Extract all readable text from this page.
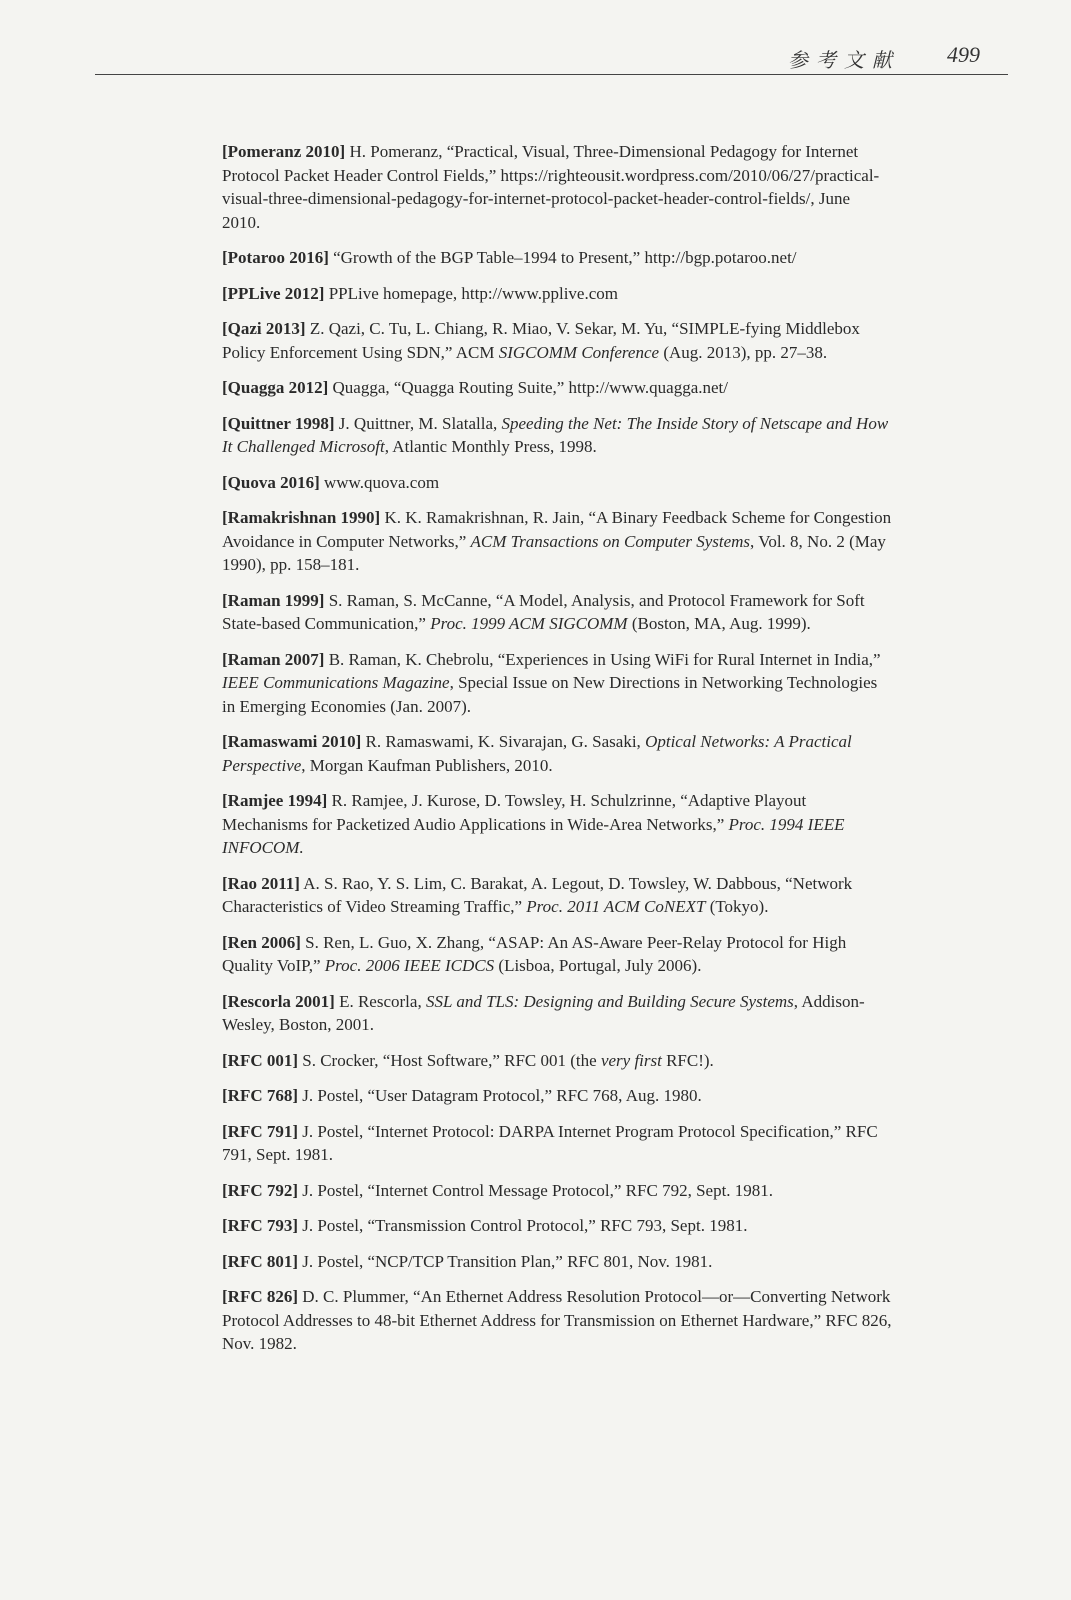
参考文献 499

[Pomeranz 2010] H. Pomeranz, “Practical, Visual, Three-Dimensional Pedagogy for Internet Protocol Packet Header Control Fields,” https://righteousit.wordpress.com/2010/06/27/practical-visual-three-dimensional-pedagogy-for-internet-protocol-packet-header-control-fields/, June 2010.

[Potaroo 2016] “Growth of the BGP Table–1994 to Present,” http://bgp.potaroo.net/

[PPLive 2012] PPLive homepage, http://www.pplive.com

[Qazi 2013] Z. Qazi, C. Tu, L. Chiang, R. Miao, V. Sekar, M. Yu, “SIMPLE-fying Middlebox Policy Enforcement Using SDN,” ACM SIGCOMM Conference (Aug. 2013), pp. 27–38.

[Quagga 2012] Quagga, “Quagga Routing Suite,” http://www.quagga.net/

[Quittner 1998] J. Quittner, M. Slatalla, Speeding the Net: The Inside Story of Netscape and How It Challenged Microsoft, Atlantic Monthly Press, 1998.

[Quova 2016] www.quova.com

[Ramakrishnan 1990] K. K. Ramakrishnan, R. Jain, “A Binary Feedback Scheme for Congestion Avoidance in Computer Networks,” ACM Transactions on Computer Systems, Vol. 8, No. 2 (May 1990), pp. 158–181.

[Raman 1999] S. Raman, S. McCanne, “A Model, Analysis, and Protocol Framework for Soft State-based Communication,” Proc. 1999 ACM SIGCOMM (Boston, MA, Aug. 1999).

[Raman 2007] B. Raman, K. Chebrolu, “Experiences in Using WiFi for Rural Internet in India,” IEEE Communications Magazine, Special Issue on New Directions in Networking Technologies in Emerging Economies (Jan. 2007).

[Ramaswami 2010] R. Ramaswami, K. Sivarajan, G. Sasaki, Optical Networks: A Practical Perspective, Morgan Kaufman Publishers, 2010.

[Ramjee 1994] R. Ramjee, J. Kurose, D. Towsley, H. Schulzrinne, “Adaptive Playout Mechanisms for Packetized Audio Applications in Wide-Area Networks,” Proc. 1994 IEEE INFOCOM.

[Rao 2011] A. S. Rao, Y. S. Lim, C. Barakat, A. Legout, D. Towsley, W. Dabbous, “Network Characteristics of Video Streaming Traffic,” Proc. 2011 ACM CoNEXT (Tokyo).

[Ren 2006] S. Ren, L. Guo, X. Zhang, “ASAP: An AS-Aware Peer-Relay Protocol for High Quality VoIP,” Proc. 2006 IEEE ICDCS (Lisboa, Portugal, July 2006).

[Rescorla 2001] E. Rescorla, SSL and TLS: Designing and Building Secure Systems, Addison-Wesley, Boston, 2001.

[RFC 001] S. Crocker, “Host Software,” RFC 001 (the very first RFC!).

[RFC 768] J. Postel, “User Datagram Protocol,” RFC 768, Aug. 1980.

[RFC 791] J. Postel, “Internet Protocol: DARPA Internet Program Protocol Specification,” RFC 791, Sept. 1981.

[RFC 792] J. Postel, “Internet Control Message Protocol,” RFC 792, Sept. 1981.

[RFC 793] J. Postel, “Transmission Control Protocol,” RFC 793, Sept. 1981.

[RFC 801] J. Postel, “NCP/TCP Transition Plan,” RFC 801, Nov. 1981.

[RFC 826] D. C. Plummer, “An Ethernet Address Resolution Protocol—or—Converting Network Protocol Addresses to 48-bit Ethernet Address for Transmission on Ethernet Hardware,” RFC 826, Nov. 1982.
